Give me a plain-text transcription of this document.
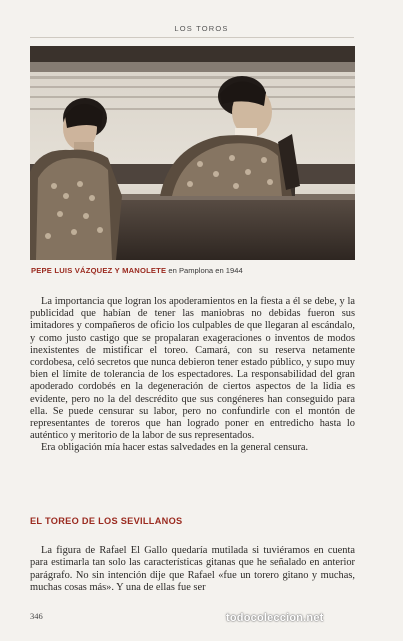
LOS TOROS
PEPE LUIS VÁZQUEZ Y MANOLETE en Pamplona en 1944

La importancia que logran los apoderamientos en la fiesta a él se debe, y la publicidad que habían de tener las maniobras no debidas fueron sus imitadores y compañeros de oficio los culpables de que llegaran al escándalo, y como justo castigo que se propalaran exageraciones o inventos de modos inexistentes de mistificar el toreo. Camará, con su reserva netamente cordobesa, celó secretos que nunca debieron tener estado público, y supo muy bien el límite de tolerancia de los espectadores. La responsabilidad del gran apoderado cordobés en la degeneración de ciertos aspectos de la lidia es evidente, pero no la del descrédito que sus congéneres han conseguido para ella. Se puede censurar su labor, pero no confundirle con el montón de representantes de toreros que han logrado poner en entredicho hasta lo auténtico y meritorio de la labor de sus representados.

Era obligación mía hacer estas salvedades en la general censura.

EL TOREO DE LOS SEVILLANOS

La figura de Rafael El Gallo quedaría mutilada si tuviéramos en cuenta para estimarla tan solo las características gitanas que he señalado en anterior parágrafo. No sin intención dije que Rafael «fue un torero gitano y muchas, muchas cosas más». Y una de ellas fue ser

346	todocoleccion.net
